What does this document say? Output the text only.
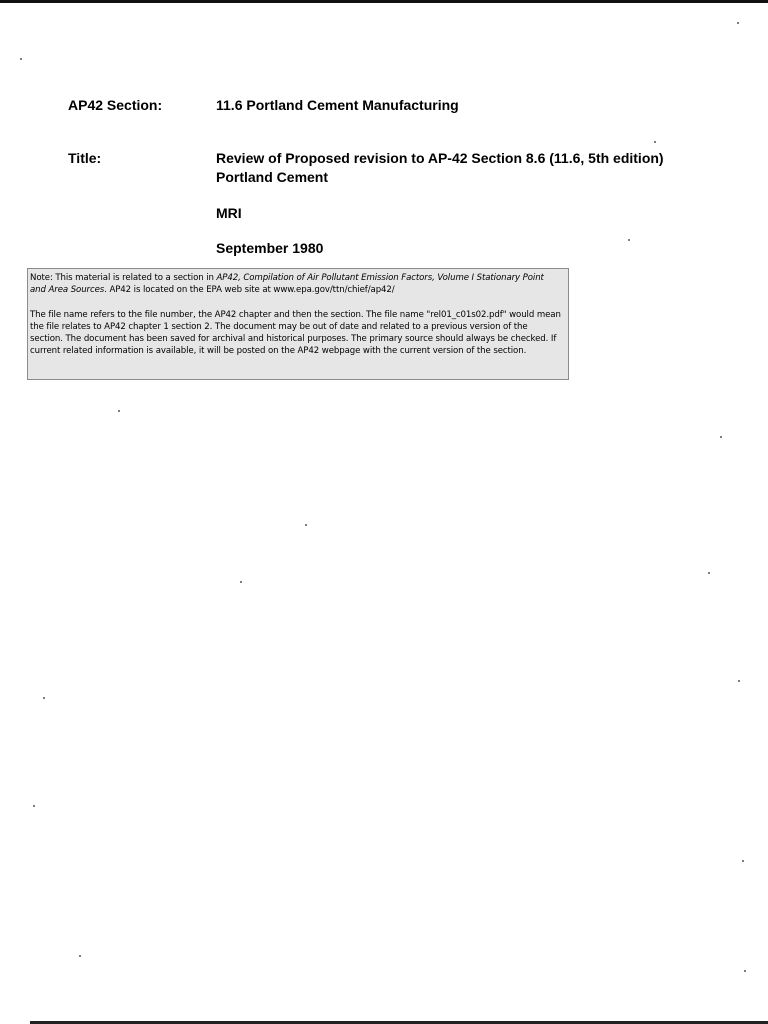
AP42 Section:	11.6 Portland Cement Manufacturing
Title:	Review of Proposed revision to AP-42 Section 8.6 (11.6, 5th edition)
Portland Cement
MRI
September 1980

Note: This material is related to a section in AP42, Compilation of Air Pollutant Emission Factors, Volume I Stationary Point and Area Sources. AP42 is located on the EPA web site at www.epa.gov/ttn/chief/ap42/

The file name refers to the file number, the AP42 chapter and then the section. The file name "rel01_c01s02.pdf" would mean the file relates to AP42 chapter 1 section 2. The document may be out of date and related to a previous version of the section. The document has been saved for archival and historical purposes. The primary source should always be checked. If current related information is available, it will be posted on the AP42 webpage with the current version of the section.
